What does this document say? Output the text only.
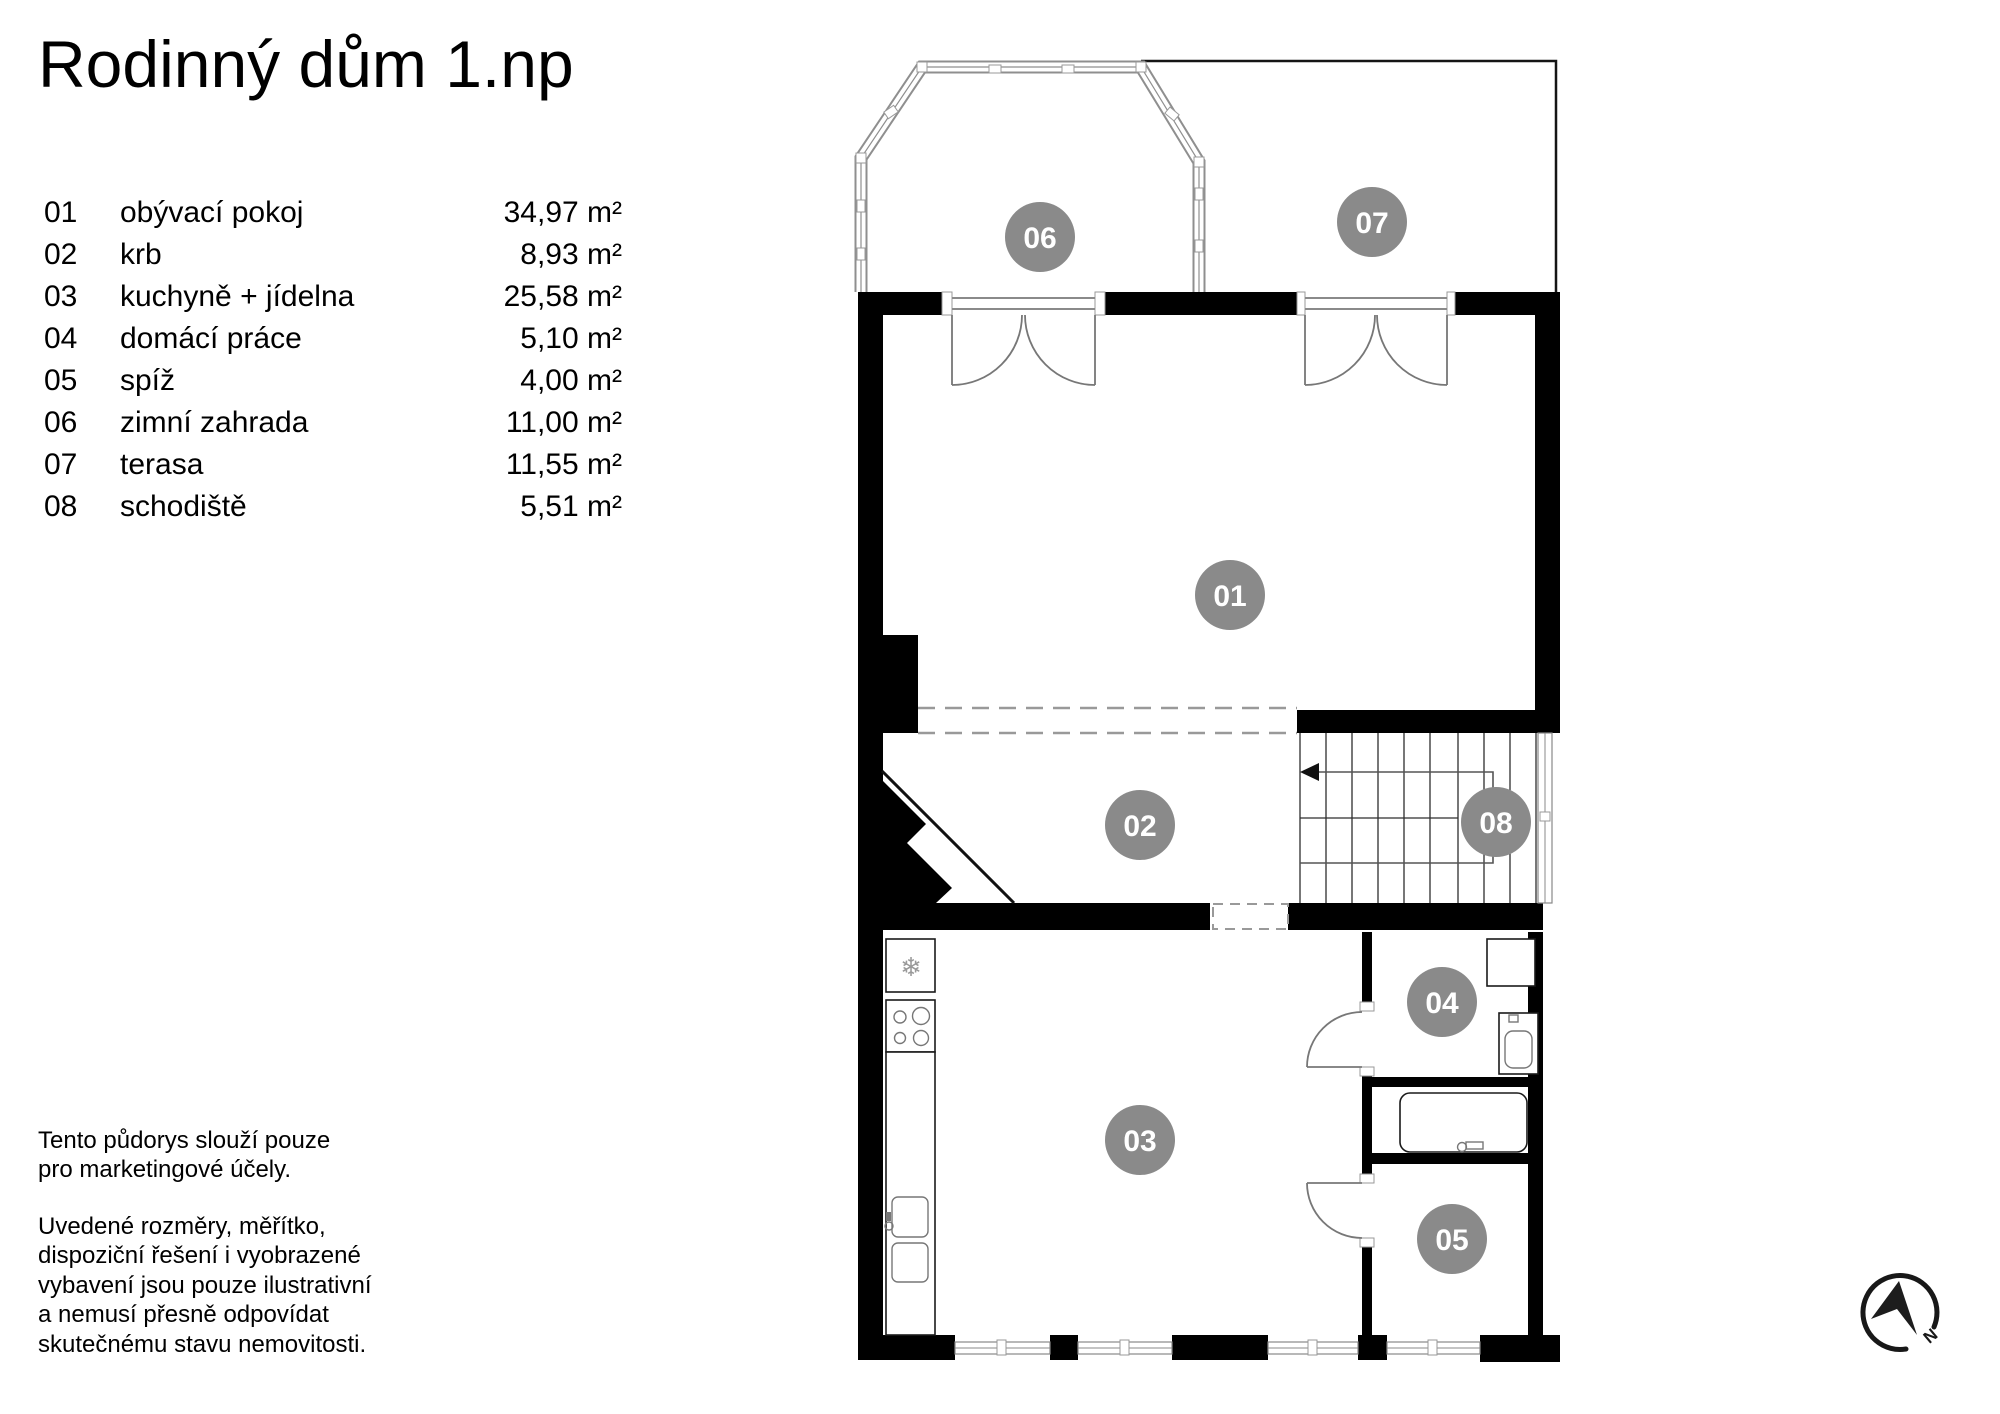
Rodinný dům 1.np
01	obývací pokoj	34,97 m²
02	krb	8,93 m²
03	kuchyně + jídelna	25,58 m²
04	domácí práce	5,10 m²
05	spíž	4,00 m²
06	zimní zahrada	11,00 m²
07	terasa	11,55 m²
08	schodiště	5,51 m²
Tento půdorys slouží pouze
pro marketingové účely.
Uvedené rozměry, měřítko,
dispoziční řešení i vyobrazené
vybavení jsou pouze ilustrativní
a nemusí přesně odpovídat
skutečnému stavu nemovitosti.
❄
01
02
03
04
05
06	07
08
N
